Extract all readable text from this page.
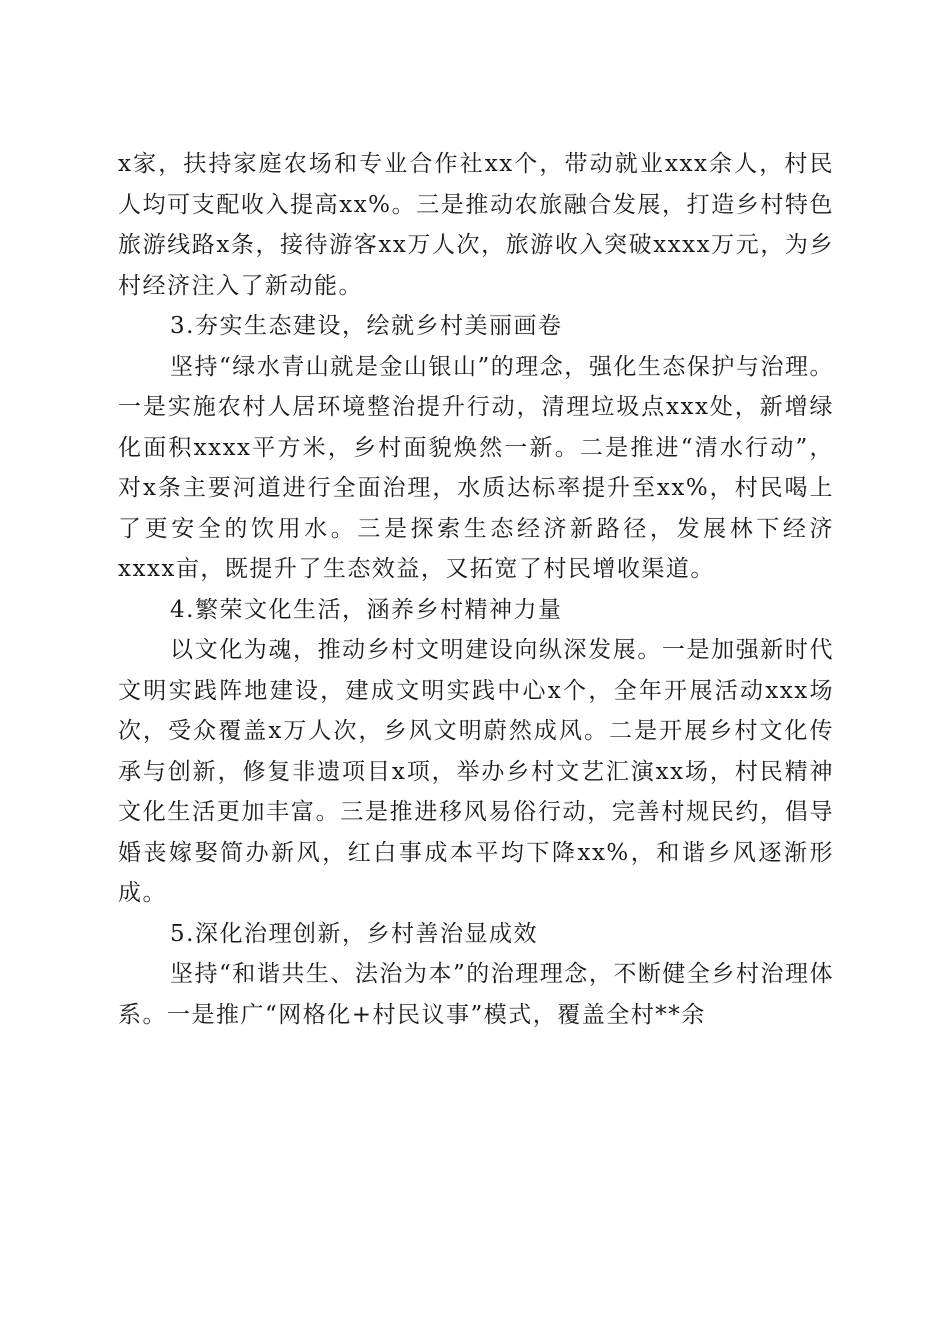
x家，扶持家庭农场和专业合作社xx个，带动就业xxx余人，村民人均可支配收入提高xx%。三是推动农旅融合发展，打造乡村特色旅游线路x条，接待游客xx万人次，旅游收入突破xxxx万元，为乡村经济注入了新动能。

3.夯实生态建设，绘就乡村美丽画卷

坚持“绿水青山就是金山银山”的理念，强化生态保护与治理。一是实施农村人居环境整治提升行动，清理垃圾点xxx处，新增绿化面积xxxx平方米，乡村面貌焕然一新。二是推进“清水行动”，对x条主要河道进行全面治理，水质达标率提升至xx%，村民喝上了更安全的饮用水。三是探索生态经济新路径，发展林下经济xxxx亩，既提升了生态效益，又拓宽了村民增收渠道。

4.繁荣文化生活，涵养乡村精神力量

以文化为魂，推动乡村文明建设向纵深发展。一是加强新时代文明实践阵地建设，建成文明实践中心x个，全年开展活动xxx场次，受众覆盖x万人次，乡风文明蔚然成风。二是开展乡村文化传承与创新，修复非遗项目x项，举办乡村文艺汇演xx场，村民精神文化生活更加丰富。三是推进移风易俗行动，完善村规民约，倡导婚丧嫁娶简办新风，红白事成本平均下降xx%，和谐乡风逐渐形成。

5.深化治理创新，乡村善治显成效

坚持“和谐共生、法治为本”的治理理念，不断健全乡村治理体系。一是推广“网格化+村民议事”模式，覆盖全村**余
